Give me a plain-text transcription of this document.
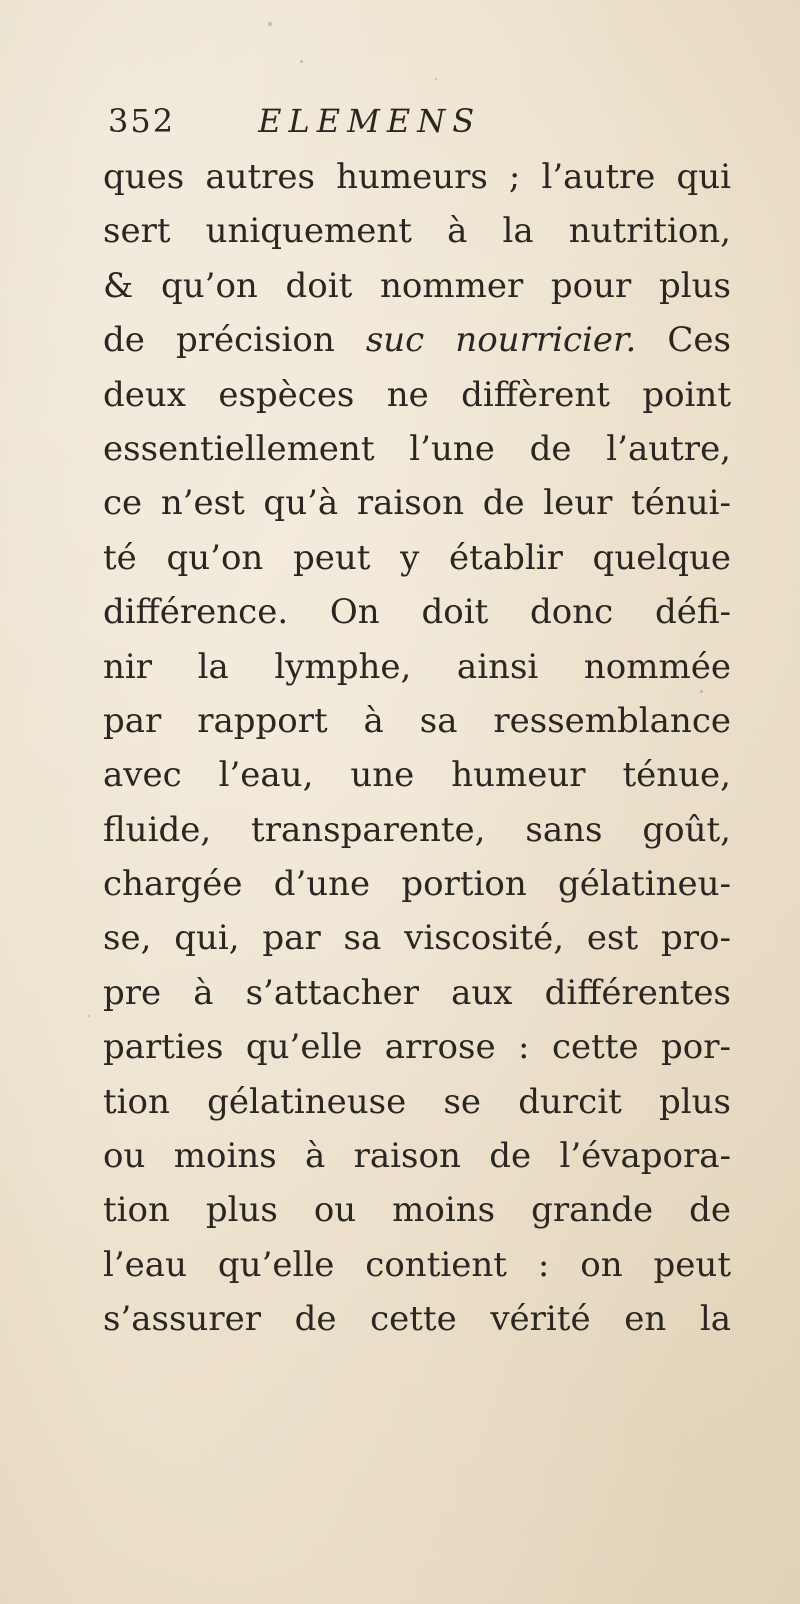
352	ELEMENS
ques autres humeurs ; l’autre qui
sert uniquement à la nutrition,
& qu’on doit nommer pour plus
de précision suc nourricier. Ces
deux espèces ne diffèrent point
essentiellement l’une de l’autre,
ce n’est qu’à raison de leur ténui-
té qu’on peut y établir quelque
différence. On doit donc défi-
nir la lymphe, ainsi nommée
par rapport à sa ressemblance
avec l’eau, une humeur ténue,
fluide, transparente, sans goût,
chargée d’une portion gélatineu-
se, qui, par sa viscosité, est pro-
pre à s’attacher aux différentes
parties qu’elle arrose : cette por-
tion gélatineuse se durcit plus
ou moins à raison de l’évapora-
tion plus ou moins grande de
l’eau qu’elle contient : on peut
s’assurer de cette vérité en la
